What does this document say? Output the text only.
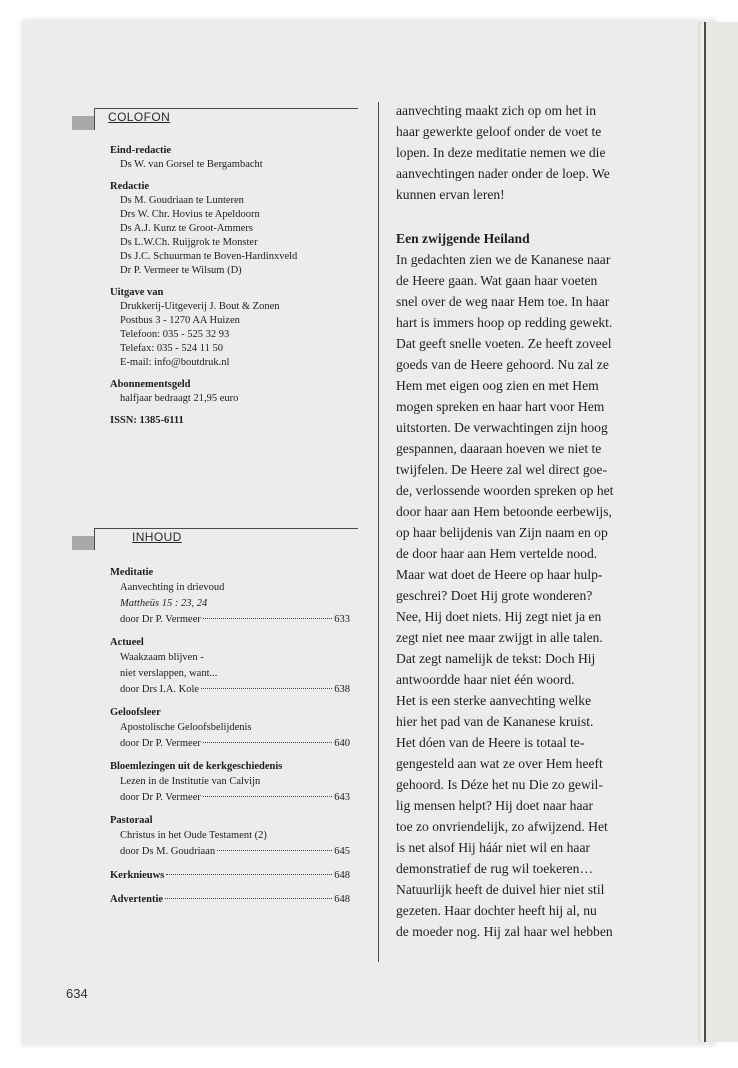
COLOFON
Eind-redactie
Ds W. van Gorsel te Bergambacht
Redactie
Ds M. Goudriaan te Lunteren
Drs W. Chr. Hovius te Apeldoorn
Ds A.J. Kunz te Groot-Ammers
Ds L.W.Ch. Ruijgrok te Monster
Ds J.C. Schuurman te Boven-Hardinxveld
Dr P. Vermeer te Wilsum (D)
Uitgave van
Drukkerij-Uitgeverij J. Bout & Zonen
Postbus 3 - 1270 AA Huizen
Telefoon: 035 - 525 32 93
Telefax: 035 - 524 11 50
E-mail: info@boutdruk.nl
Abonnementsgeld
halfjaar bedraagt 21,95 euro
ISSN: 1385-6111
INHOUD
Meditatie
Aanvechting in drievoud
Mattheüs 15 : 23, 24
door Dr P. Vermeer	633
Actueel
Waakzaam blijven -
niet verslappen, want...
door Drs I.A. Kole	638
Geloofsleer
Apostolische Geloofsbelijdenis
door Dr P. Vermeer	640
Bloemlezingen uit de kerkgeschiedenis
Lezen in de Institutie van Calvijn
door Dr P. Vermeer	643
Pastoraal
Christus in het Oude Testament (2)
door Ds M. Goudriaan	645
Kerknieuws	648
Advertentie	648

aanvechting maakt zich op om het in

haar gewerkte geloof onder de voet te

lopen. In deze meditatie nemen we die

aanvechtingen nader onder de loep. We

kunnen ervan leren!

Een zwijgende Heiland

In gedachten zien we de Kananese naar

de Heere gaan. Wat gaan haar voeten

snel over de weg naar Hem toe. In haar

hart is immers hoop op redding gewekt.

Dat geeft snelle voeten. Ze heeft zoveel

goeds van de Heere gehoord. Nu zal ze

Hem met eigen oog zien en met Hem

mogen spreken en haar hart voor Hem

uitstorten. De verwachtingen zijn hoog

gespannen, daaraan hoeven we niet te

twijfelen. De Heere zal wel direct goe-

de, verlossende woorden spreken op het

door haar aan Hem betoonde eerbewijs,

op haar belijdenis van Zijn naam en op

de door haar aan Hem vertelde nood.

Maar wat doet de Heere op haar hulp-

geschrei? Doet Hij grote wonderen?

Nee, Hij doet niets. Hij zegt niet ja en

zegt niet nee maar zwijgt in alle talen.

Dat zegt namelijk de tekst: Doch Hij

antwoordde haar niet één woord.

Het is een sterke aanvechting welke

hier het pad van de Kananese kruist.

Het dóen van de Heere is totaal te-

gengesteld aan wat ze over Hem heeft

gehoord. Is Déze het nu Die zo gewil-

lig mensen helpt? Hij doet naar haar

toe zo onvriendelijk, zo afwijzend. Het

is net alsof Hij háár niet wil en haar

demonstratief de rug wil toekeren…

Natuurlijk heeft de duivel hier niet stil

gezeten. Haar dochter heeft hij al, nu

de moeder nog. Hij zal haar wel hebben

634
